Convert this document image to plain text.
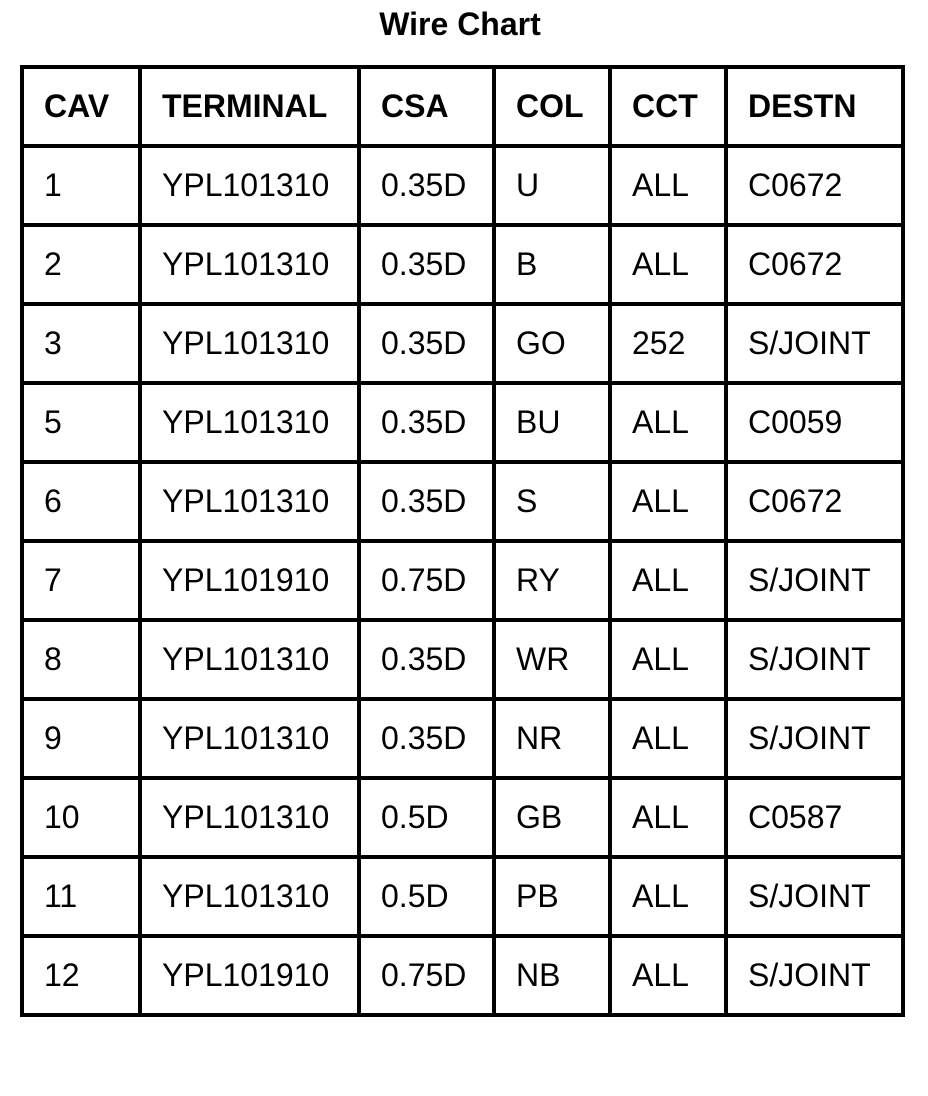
Wire Chart
CAV	TERMINAL	CSA	COL	CCT	DESTN
1	YPL101310	0.35D	U	ALL	C0672
2	YPL101310	0.35D	B	ALL	C0672
3	YPL101310	0.35D	GO	252	S/JOINT
5	YPL101310	0.35D	BU	ALL	C0059
6	YPL101310	0.35D	S	ALL	C0672
7	YPL101910	0.75D	RY	ALL	S/JOINT
8	YPL101310	0.35D	WR	ALL	S/JOINT
9	YPL101310	0.35D	NR	ALL	S/JOINT
10	YPL101310	0.5D	GB	ALL	C0587
11	YPL101310	0.5D	PB	ALL	S/JOINT
12	YPL101910	0.75D	NB	ALL	S/JOINT
